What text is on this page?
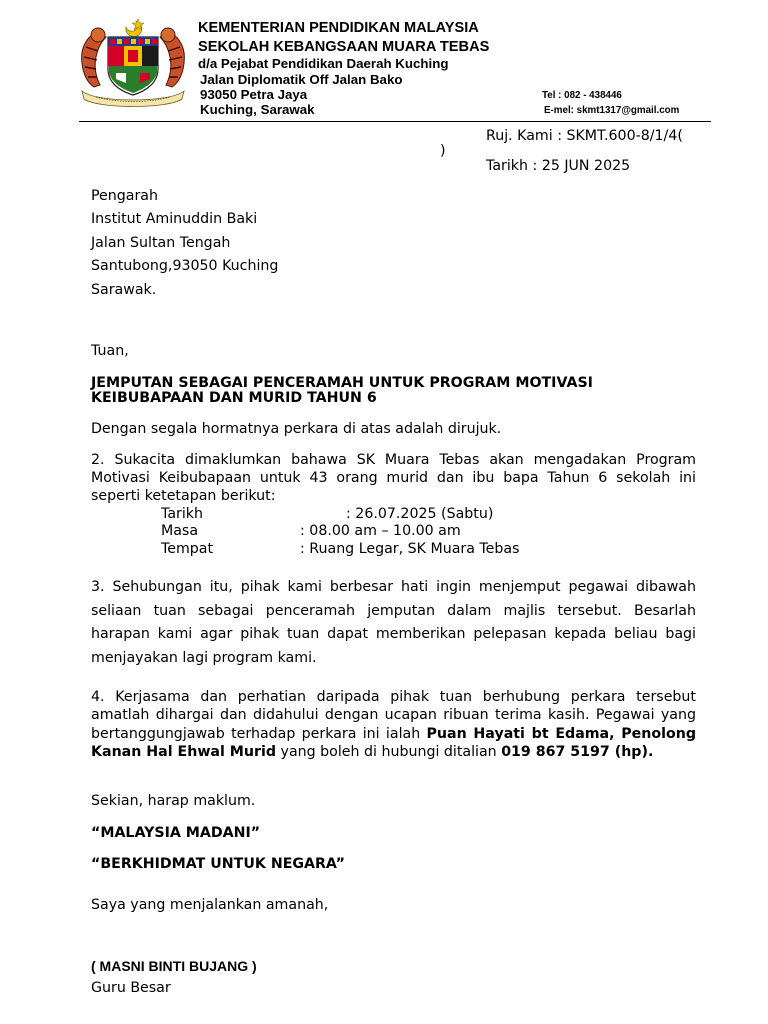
KEMENTERIAN PENDIDIKAN MALAYSIA
SEKOLAH KEBANGSAAN MUARA TEBAS
d/a Pejabat Pendidikan Daerah Kuching
Jalan Diplomatik Off Jalan Bako
93050 Petra Jaya
Kuching, Sarawak
Tel : 082 - 438446
E-mel: skmt1317@gmail.com
Ruj. Kami : SKMT.600-8/1/4(
)
Tarikh : 25 JUN 2025
Pengarah
Institut Aminuddin Baki
Jalan Sultan Tengah
Santubong,93050 Kuching
Sarawak.
Tuan,
JEMPUTAN SEBAGAI PENCERAMAH UNTUK PROGRAM MOTIVASI
KEIBUBAPAAN DAN MURID TAHUN 6
Dengan segala hormatnya perkara di atas adalah dirujuk.
2. Sukacita dimaklumkan bahawa SK Muara Tebas akan mengadakan Program Motivasi Keibubapaan untuk 43 orang murid dan ibu bapa Tahun 6 sekolah ini seperti ketetapan berikut:
Tarikh	: 26.07.2025 (Sabtu)
Masa	: 08.00 am – 10.00 am
Tempat	: Ruang Legar, SK Muara Tebas
3. Sehubungan itu, pihak kami berbesar hati ingin menjemput pegawai dibawah seliaan tuan sebagai penceramah jemputan dalam majlis tersebut. Besarlah harapan kami agar pihak tuan dapat memberikan pelepasan kepada beliau bagi menjayakan lagi program kami.
4. Kerjasama dan perhatian daripada pihak tuan berhubung perkara tersebut amatlah dihargai dan didahului dengan ucapan ribuan terima kasih. Pegawai yang bertanggungjawab terhadap perkara ini ialah Puan Hayati bt Edama, Penolong Kanan Hal Ehwal Murid yang boleh di hubungi ditalian 019 867 5197 (hp).
Sekian, harap maklum.
“MALAYSIA MADANI”
“BERKHIDMAT UNTUK NEGARA”
Saya yang menjalankan amanah,
( MASNI BINTI BUJANG )
Guru Besar
